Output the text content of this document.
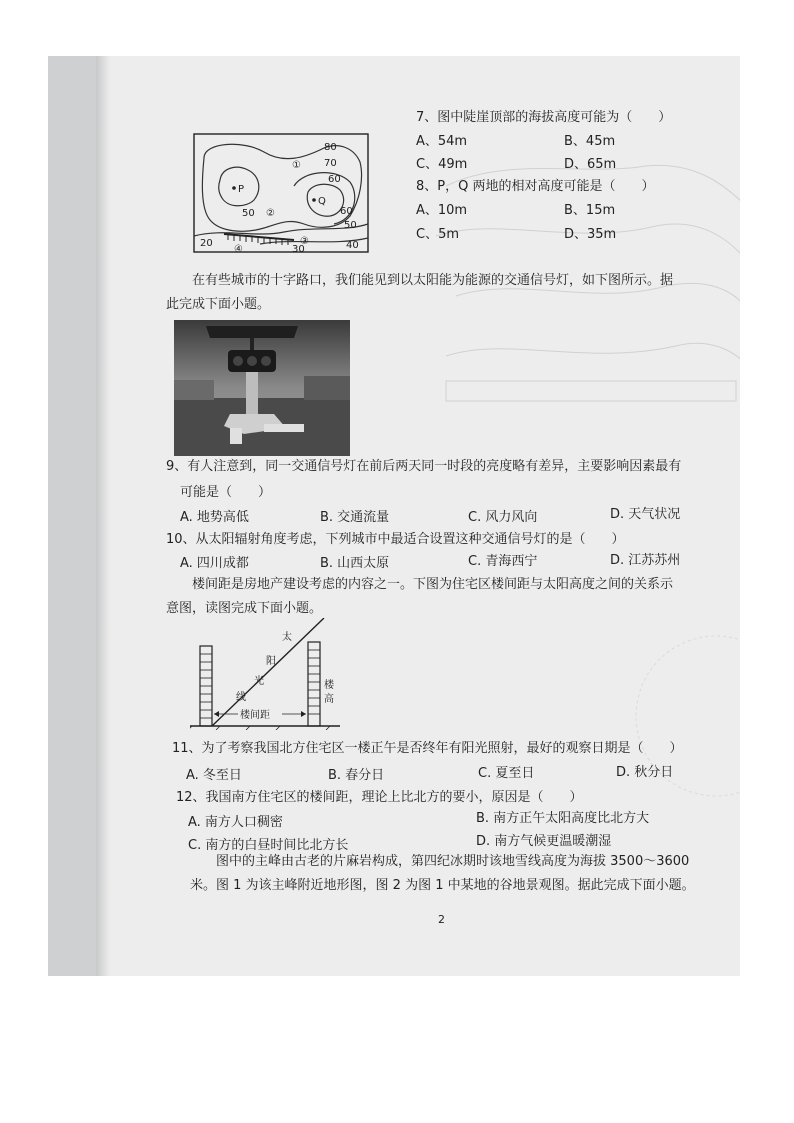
80
70
60
50	60
50
40
30
20
P
Q
①
②
③
④
7、图中陡崖顶部的海拔高度可能为（　　）
A、54m	B、45m
C、49m	D、65m
8、P，Q 两地的相对高度可能是（　　）
A、10m	B、15m
C、5m	D、35m
在有些城市的十字路口，我们能见到以太阳能为能源的交通信号灯，如下图所示。据
此完成下面小题。
9、有人注意到，同一交通信号灯在前后两天同一时段的亮度略有差异，主要影响因素最有
可能是（　　）
A. 地势高低	B. 交通流量	C. 风力风向	D. 天气状况
10、从太阳辐射角度考虑，下列城市中最适合设置这种交通信号灯的是（　　）
A. 四川成都	B. 山西太原	C. 青海西宁	D. 江苏苏州
楼间距是房地产建设考虑的内容之一。下图为住宅区楼间距与太阳高度之间的关系示
意图，读图完成下面小题。
楼间距
太
阳
光
线
楼
高
11、为了考察我国北方住宅区一楼正午是否终年有阳光照射，最好的观察日期是（　　）
A. 冬至日	B. 春分日	C. 夏至日	D. 秋分日
12、我国南方住宅区的楼间距，理论上比北方的要小，原因是（　　）
A. 南方人口稠密	B. 南方正午太阳高度比北方大
C. 南方的白昼时间比北方长	D. 南方气候更温暖潮湿
图中的主峰由古老的片麻岩构成，第四纪冰期时该地雪线高度为海拔 3500～3600
米。图 1 为该主峰附近地形图，图 2 为图 1 中某地的谷地景观图。据此完成下面小题。
2
